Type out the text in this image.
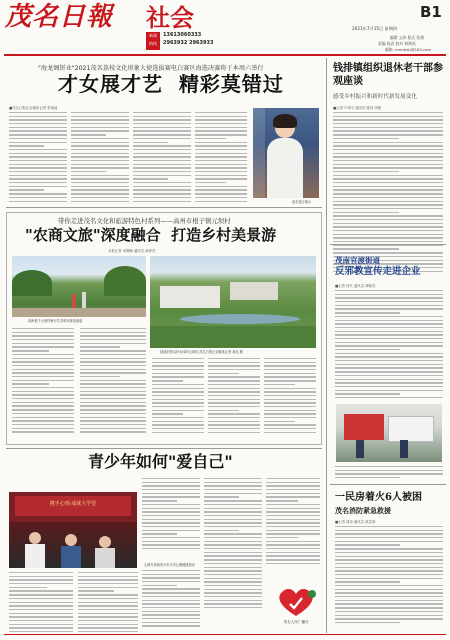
茂名日報 社会
新闻
热线
13613060333
2963932 2963933
2021年7月15日 星期四
B1
编辑 文伟 版式 张倩
责编 陈武 校对 林海英
邮箱: mmrbsh@163.com
"海龙阁饼业"2021茂名荔枝文化形象大使选拔赛电白赛区海选决赛将于本周六举行
才女展才艺  精彩莫错过
■茂名日报社全媒体记者 张海清
选手进行展示
钱排镇组织退休老干部参观座谈
感受乡村振兴和新时代新发展变化
■记者 卢翠平 通讯员 陈伟 李敏
带你走进茂名文化和旅游特色村系列——高州市根子镇元坝村
"农商文旅"深度融合  打造乡村美景游
本报记者 邓卿娴 通讯员 黄婷芳
高州根子元坝村骑行共享单车游览绿道
绿道依傍沿岸水体的元坝村,茂名日报社全媒体记者 高佳 摄
茂南官渡街道
反邪教宣传走进企业
■记者 何长 通讯员 谭朝英
青少年如何"爱自己"
携手心理·成就大学堂
心理专家和青少年分享心理健康知识
茂名人民广播台
一民房着火6人被困
茂名消防紧急救援
■记者 周扬 通讯员 黄武珍
